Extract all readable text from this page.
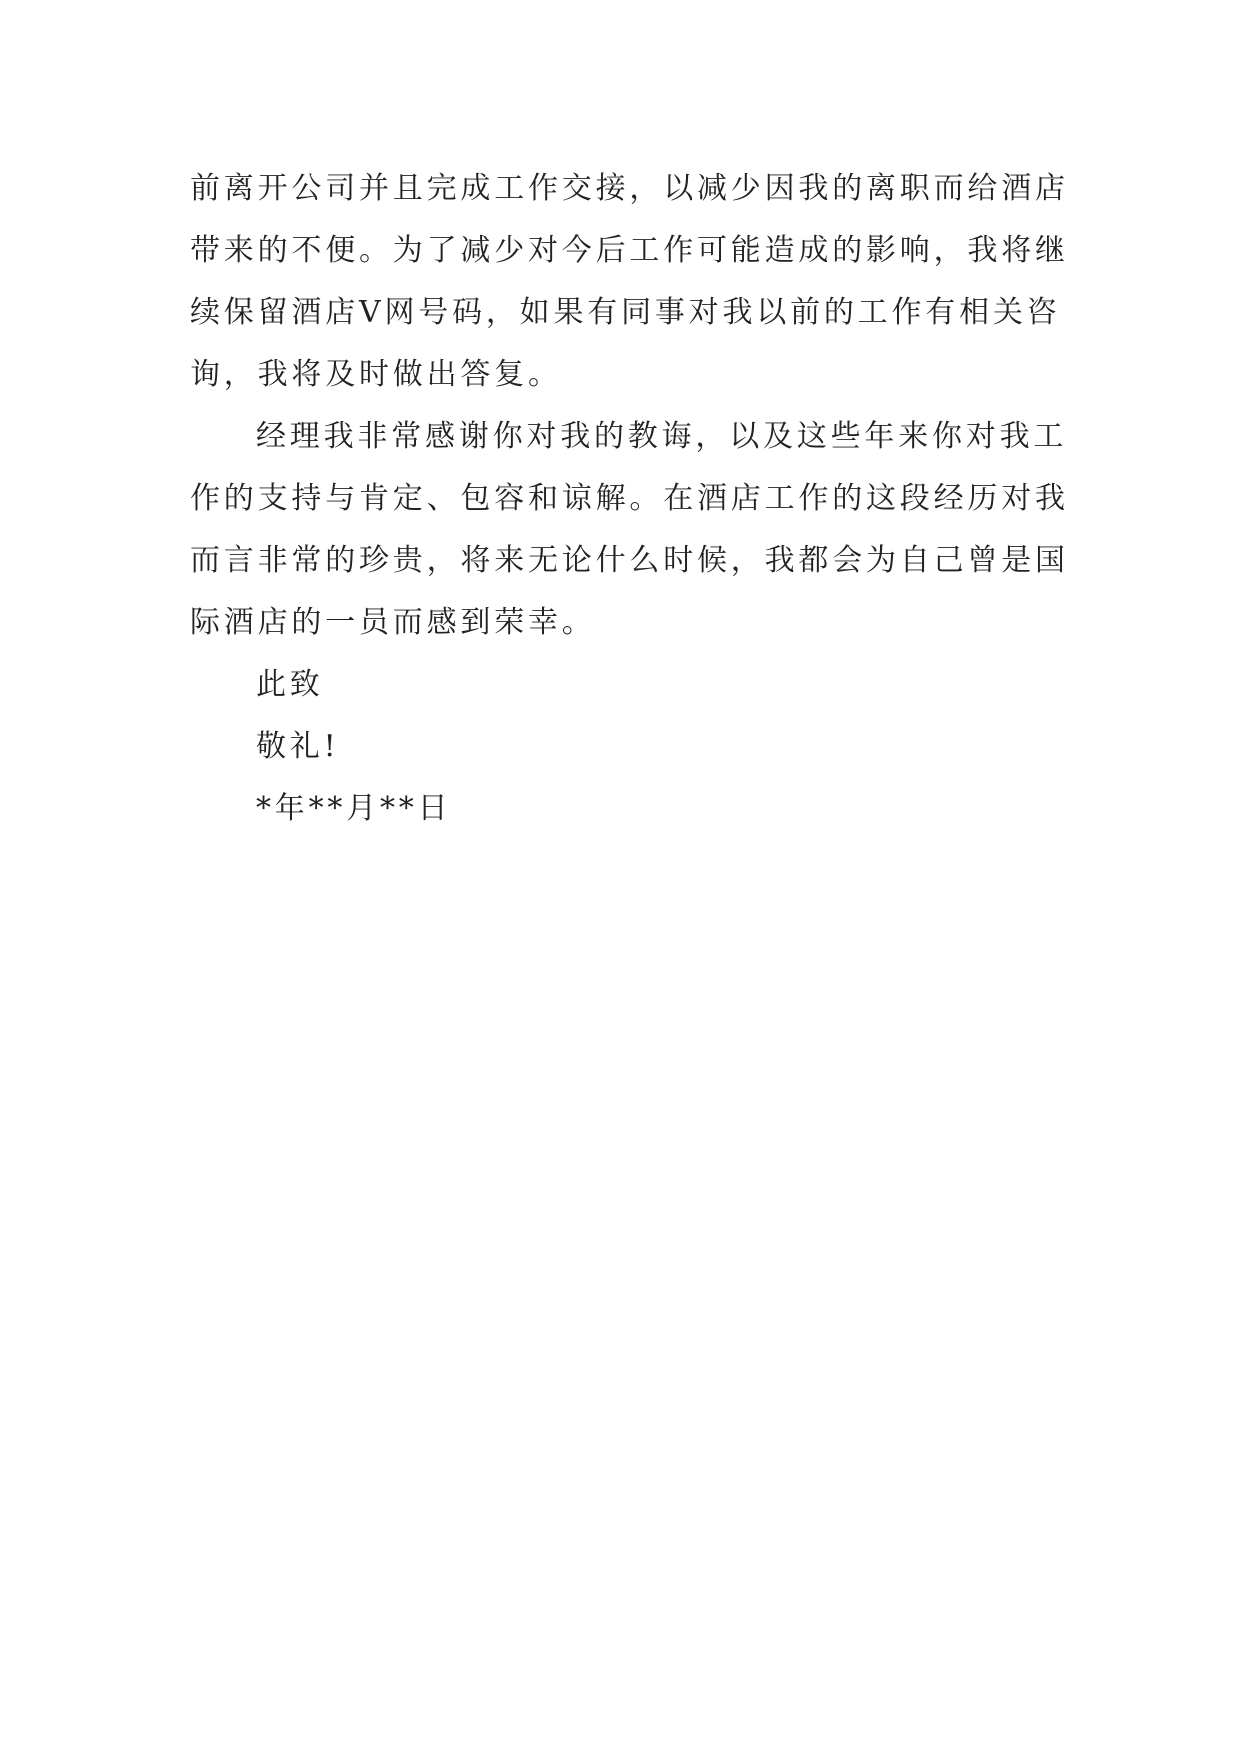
前离开公司并且完成工作交接，以减少因我的离职而给酒店
带来的不便。为了减少对今后工作可能造成的影响，我将继
续保留酒店V网号码，如果有同事对我以前的工作有相关咨
询，我将及时做出答复。
经理我非常感谢你对我的教诲，以及这些年来你对我工
作的支持与肯定、包容和谅解。在酒店工作的这段经历对我
而言非常的珍贵，将来无论什么时候，我都会为自己曾是国
际酒店的一员而感到荣幸。
此致
敬礼!
*年**月**日
